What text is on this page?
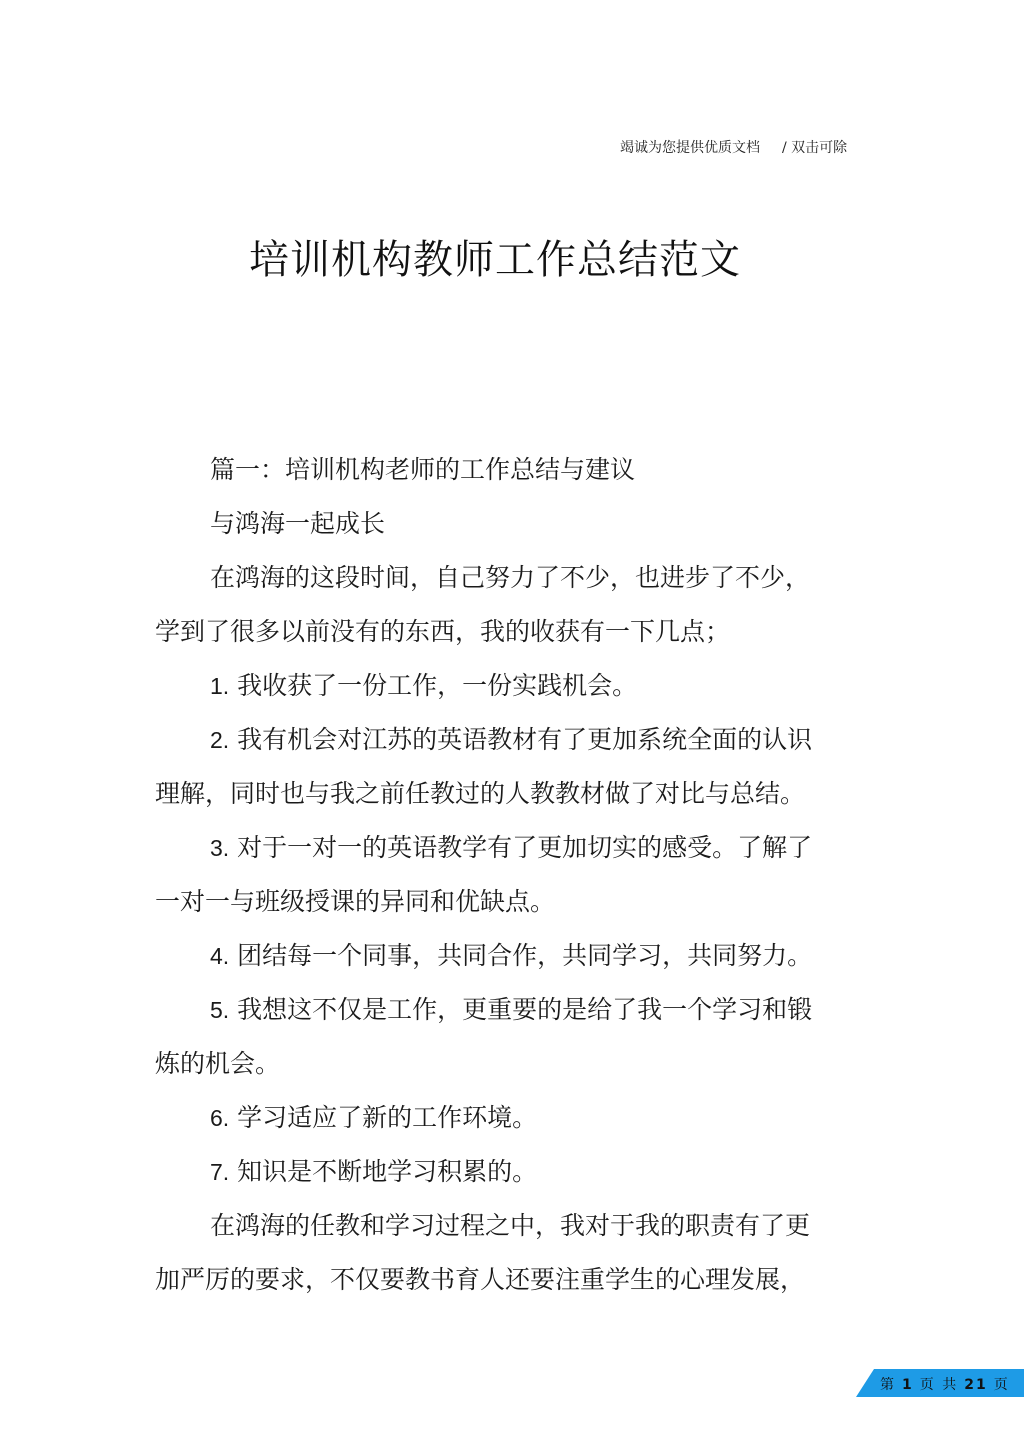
竭诚为您提供优质文档 / 双击可除
培训机构教师工作总结范文

篇一：培训机构老师的工作总结与建议

与鸿海一起成长

在鸿海的这段时间，自己努力了不少，也进步了不少，学到了很多以前没有的东西，我的收获有一下几点；

1. 我收获了一份工作，一份实践机会。

2. 我有机会对江苏的英语教材有了更加系统全面的认识理解，同时也与我之前任教过的人教教材做了对比与总结。

3. 对于一对一的英语教学有了更加切实的感受。了解了一对一与班级授课的异同和优缺点。

4. 团结每一个同事，共同合作，共同学习，共同努力。

5. 我想这不仅是工作，更重要的是给了我一个学习和锻炼的机会。

6. 学习适应了新的工作环境。

7. 知识是不断地学习积累的。

在鸿海的任教和学习过程之中，我对于我的职责有了更加严厉的要求，不仅要教书育人还要注重学生的心理发展，

第 1 页 共 21 页
